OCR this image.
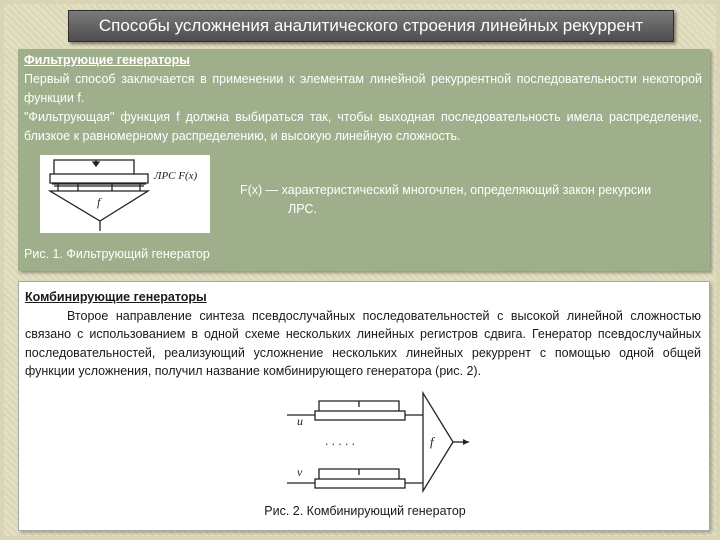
Способы усложнения аналитического строения линейных рекуррент
Фильтрующие генераторы

Первый способ заключается в применении к элементам линейной рекуррентной последовательности некоторой функции f.

"Фильтрующая" функция f должна выбираться так, чтобы выходная последовательность имела распределение, близкое к равномерному распределению, и высокую линейную сложность.

ЛРС F(x)
f
F(x) — характеристический многочлен, определяющий закон рекурсии
ЛРС.
Рис. 1. Фильтрующий генератор
Комбинирующие генераторы

Второе направление синтеза псевдослучайных последовательностей с высокой линейной сложностью связано с использованием в одной схеме нескольких линейных регистров сдвига. Генератор псевдослучайных последовательностей, реализующий усложнение нескольких линейных рекуррент с помощью одной общей функции усложнения, получил название комбинирующего генератора (рис. 2).

u
v
. . . . .	f
Рис. 2. Комбинирующий генератор
